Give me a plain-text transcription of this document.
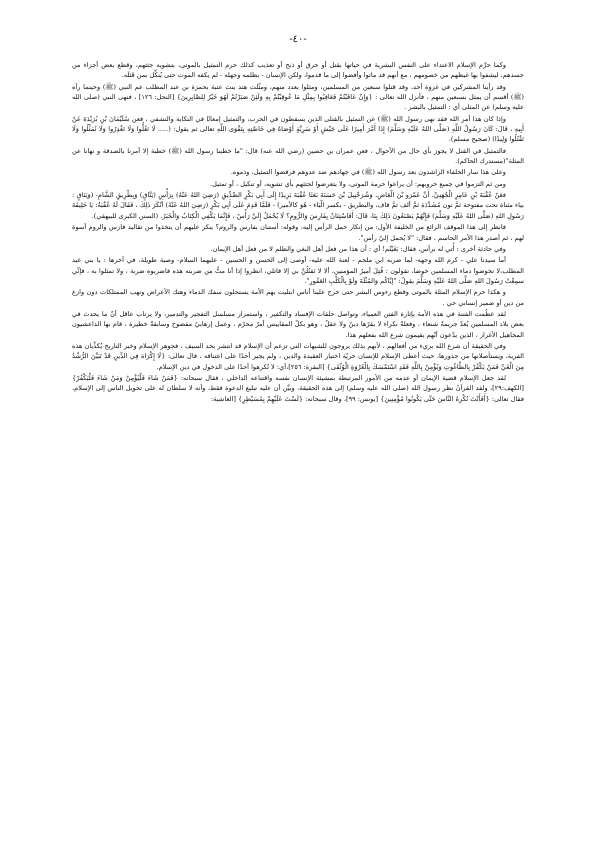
-٤٠-

وكما حرَّم الإسلام الاعتداء على النفس البشرية في حياتها بقتل أو حرق أو ذبح أو تعذيب كذلك حرم التمثيل بالموتى، بتشويه جثثهم، وقطع بعض أجزاء من جسدهم، ليشفوا بها غيظهم من خصومهم ، مع أنهم قد ماتوا وأفضوا إلى ما قدموا، ولكن الإنسان - بظلمه وجهله - لم يكفه الموت حتى يُنكِّل بمن قَتَلَه.

وقد رأينا المشركين في غزوة أحد، وقد قتلوا سبعين من المسلمين، ومثلوا بعدد منهم، ومثّلت هند بنت عتبة بحمزة بن عبد المطلب عم النبي (ﷺ) وحينما رآه (ﷺ) أقسم أن يمثل بسبعين منهم ، فأنزل الله تعالى : {وَإِنْ عَاقَبْتُمْ فَعَاقِبُوا بِمِثْلِ مَا عُوقِبْتُمْ بِهِ وَلَئِنْ صَبَرْتُمْ لَهُوَ خَيْرٌ لِلصَّابِرِينَ} [النحل: ١٢٦] ، فنهى النبي (صلى الله عليه وسلم) عن المثلى أي : التمثيل بالبشر .

وإذا كان هذا أمر الله فقد نهى رسول الله (ﷺ) عن التمثيل بالقتلى الذين يسقطون في الحرب، والتمثيل إمعانًا في النكاية والتشفي ، فعن سُلَيْمَانَ بْنِ بُرَيْدَةَ عَنْ أَبِيهِ ، قَالَ: كَانَ رَسُولُ اللَّهِ (صَلَّى اللهُ عَلَيْهِ وَسَلَّمَ) إِذَا أَمَّرَ أَمِيرًا عَلَى جَيْشٍ أَوْ سَرِيَّةٍ أَوْصَاهُ فِي خَاصَّتِهِ بِتَقْوَى اللَّهِ تعالى ثم يقول: (..... لَا تَغُلُّوا وَلَا تَغْدِرُوا وَلَا تُمَثِّلُوا وَلَا تَقْتُلُوا وَلِيدًا) (صحيح مسلم).

فالتمثيل في القتل لا يجوز بأي حال من الأحوال ، فعن عمران بن حصين (رضي الله عنه) قال: "ما خطبنا رسول الله (ﷺ) خطبة إلا أمرنا بالصدقة و نهانا عن المثلة"(مستدرك الحاكم).

وعلى هذا سار الخلفاء الراشدون بعد رسول الله (ﷺ) في جهادهم ضد عدوهم فرفضوا التمثيل، وذموه.

ومن ثم التزموا في جميع حروبهم: أن يراعوا حرمة الموتى، ولا يتعرضوا لجثثهم بأي تشويه، أو تنكيل ، أو تمثيل.

فعَنْ عُقْبَةَ بْنِ عَامِرٍ الْجُهَنِيِّ، أَنَّ عَمْرَو بْنَ الْعَاصِ، وَشُرَحْبِيلَ بْنَ حَسَنَةَ بَعَثَا عُقْبَةَ بَرِيدًا إِلَى أَبِي بَكْرٍ الصِّدِّيقِ (رَضِيَ اللهُ عَنْهُ) بِرَأْسِ (يَنَّاقٍ) وَبِطْرِيقِ الشَّامِ- (وَيَنَاقٍ : بياء مثناة تحت مفتوحة ثمَّ نون مُشَدَّدَة ثمَّ ألف ثمَّ قاف، والبطريق - بكسر الْبَاء - هُوَ كالأمير) - فَلَمَّا قَدِمَ عَلَى أَبِي بَكْرٍ (رَضِيَ اللهُ عَنْهُ) أَنْكَرَ ذَلِكَ ، فَقَالَ لَهُ عُقْبَةُ: يَا خَلِيفَةَ رَسُولِ اللهِ (صَلَّى اللهُ عَلَيْهِ وَسَلَّمَ) فَإِنَّهُمْ يَصْنَعُونَ ذَلِكَ بِنَا، قَالَ: أَفَاسْتِنَانٌ بِفَارِسَ وَالرُّومِ؟ لَا يُحْمَلُ إِلَيَّ رَأْسٌ ، فَإِنَّمَا يَكْفِي الْكِتَابُ وَالْخَبَرُ. (السنن الكبرى للبيهقي).

فانظر إلى هذا الموقف الرائع من الخليفة الأول: من إنكار حمل الرأس إليه، وقوله: أستنان بفارس والروم؟ ينكر عليهم أن يتخذوا من تقاليد فارس والروم أسوة لهم ، ثم أصدر هذا الأمر الحاسم ، فقال: "لا يُحمل إليّ رأس".

وفي حادثة أخرى : أُتي له برأس، فقال: بَغَيْتُم! أي : أن هذا من فعل أهل البغي والظلم لا من فعل أهل الإيمان.

أما سيدنا علي - كرم الله وجهه- لما ضربه ابن ملجم - لعنة الله عليه- أوصى إلى الحسن و الحسين - عليهما السلام- وصية طويلة، في آخرها : يا بني عبد المطلب،لا تخوضوا دماء المسلمين خوضا، تقولون : قُتِلَ أميرُ المؤمنين، ألا لا تَقتُلُنَّ بي إلا قاتلي، انظروا إذا أنا متُّ من ضربته هذه فاضربوه ضربة ، ولا تمثلوا به ، فإنِّي سمِعْتُ رَسُولَ اللهِ صَلَّى اللهُ عَلَيْهِ وَسَلَّمَ يقولُ: "إيَّاكُم وَالمُثْلَةَ وَلَوْ بِالْكَلْبِ العَقُورِ".

و هكذا حرم الإسلام المثلة بالموتى وقطع رءوس البشر حتى خرج علينا أناس ابتليت بهم الأمة يستحلون سفك الدماء وهتك الأعراض ونهب الممتلكات دون وازع من دين أو ضمير إنساني حي .

لقد عظُمت الفتنة في هذه الأمة بإثارة الفتن العمياء، وتواصل حلقات الإفساد والتكفير ، واستمرار مسلسل التفجير والتدمير، ولا يرتاب عاقل أنّ ما يحدث في بعض بلاد المسلمين يُعدّ جريمةً شنعاء ، وفعلةً نكراء لا يقرّها دينٌ ولا عقلٌ ، وهو بكلّ المقاييس أمرٌ محرّم ، وعمل إرهابيٌ مفضوح وسابقةٌ خطيرة ، قام بها الداعشيون المجاهيل الأغرار ، الذين يدّعون أنّهم يقيمون شرع الله بفعلهم هذا.

وفي الحقيقة أن شرع الله بريء من أفعالهم ، لأنهم بذلك يروجون للشبهات التي تزعم أن الإسلام قد انتشر بحد السيف ، فجوهر الإسلام وخبر التاريخ يُكذِّبان هذه الفرية، ويستأصلانها من جذورها، حيث أعطى الإسلام للإنسان حريّة اختيار العقيدة والدين ، ولم يجبر أحدًا على اعتناقه ، قال تعالى: {لَا إِكْرَاهَ فِي الدِّينِ قَدْ تَبَيَّنَ الرُّشْدُ مِنَ الْغَيِّ فَمَنْ يَكْفُرْ بِالطَّاغُوتِ وَيُؤْمِنْ بِاللَّهِ فَقَدِ اسْتَمْسَكَ بِالْعُرْوَةِ الْوُثْقَى} [البقرة: ٢٥٦]،أي: لا تُكرهوا أحدًا على الدخول في دين الإسلام.

لقد جعل الإسلام قضية الإيمان أو عدمه من الأمور المرتبطة بمشيئة الإنسان نفسه واقتناعه الداخلي ، فقال سبحانه: {فَمَنْ شَاءَ فَلْيُؤْمِنْ وَمَنْ شَاءَ فَلْيَكْفُرْ} [الكهف:٢٩]، ولقد القرآنُ نظر رسول الله (صلى الله عليه وسلم) إلى هذه الحقيقة، وبيَّن أن عليه تبليغ الدعوة فقط، وأنه لا سلطان له على تحويل الناس إلى الإسلام، فقال تعالى: {أَفَأَنْتَ تُكْرِهُ النَّاسَ حَتَّى يَكُونُوا مُؤْمِنِينَ} [يونس: ٩٩]، وقال سبحانه: {لَسْتَ عَلَيْهِمْ بِمُسَيْطِرٍ} [الغاشية:
